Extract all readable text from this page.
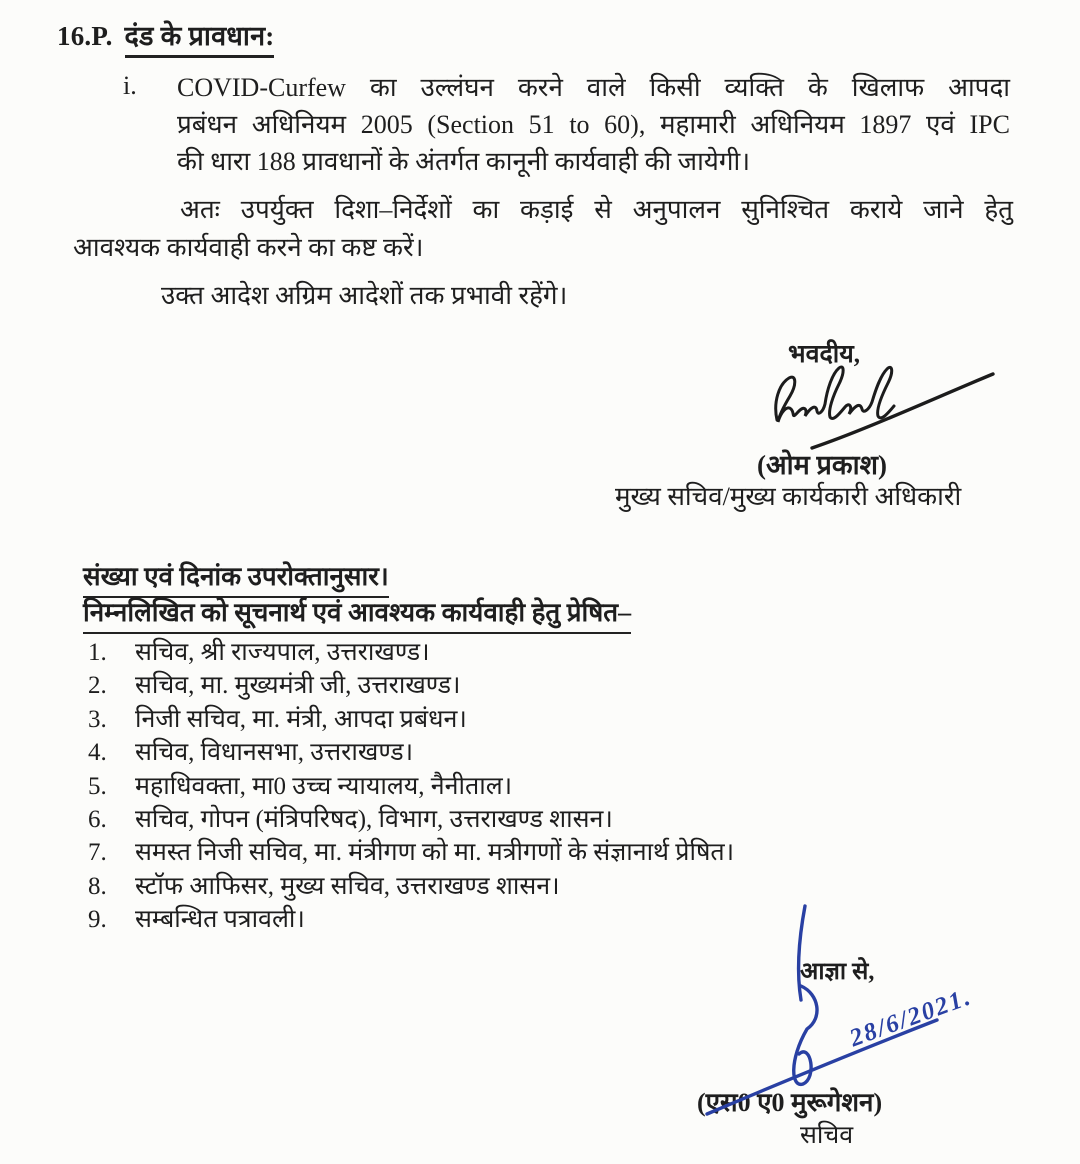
16.P. दंड के प्रावधान:
i. COVID-Curfew का उल्लंघन करने वाले किसी व्यक्ति के खिलाफ आपदा
प्रबंधन अधिनियम 2005 (Section 51 to 60), महामारी अधिनियम 1897 एवं IPC
की धारा 188 प्रावधानों के अंतर्गत कानूनी कार्यवाही की जायेगी।
अतः उपर्युक्त दिशा–निर्देशों का कड़ाई से अनुपालन सुनिश्चित कराये जाने हेतु
आवश्यक कार्यवाही करने का कष्ट करें।
उक्त आदेश अग्रिम आदेशों तक प्रभावी रहेंगे।
भवदीय,
(ओम प्रकाश)
मुख्य सचिव/मुख्य कार्यकारी अधिकारी
संख्या एवं दिनांक उपरोक्तानुसार।
निम्नलिखित को सूचनार्थ एवं आवश्यक कार्यवाही हेतु प्रेषित–
1.	सचिव, श्री राज्यपाल, उत्तराखण्ड।
2.	सचिव, मा. मुख्यमंत्री जी, उत्तराखण्ड।
3.	निजी सचिव, मा. मंत्री, आपदा प्रबंधन।
4.	सचिव, विधानसभा, उत्तराखण्ड।
5.	महाधिवक्ता, मा0 उच्च न्यायालय, नैनीताल।
6.	सचिव, गोपन (मंत्रिपरिषद), विभाग, उत्तराखण्ड शासन।
7.	समस्त निजी सचिव, मा. मंत्रीगण को मा. मत्रीगणों के संज्ञानार्थ प्रेषित।
8.	स्टॉफ आफिसर, मुख्य सचिव, उत्तराखण्ड शासन।
9.	सम्बन्धित पत्रावली।
आज्ञा से,
28/6/2021.
(एस0 ए0 मुरूगेशन)
सचिव
